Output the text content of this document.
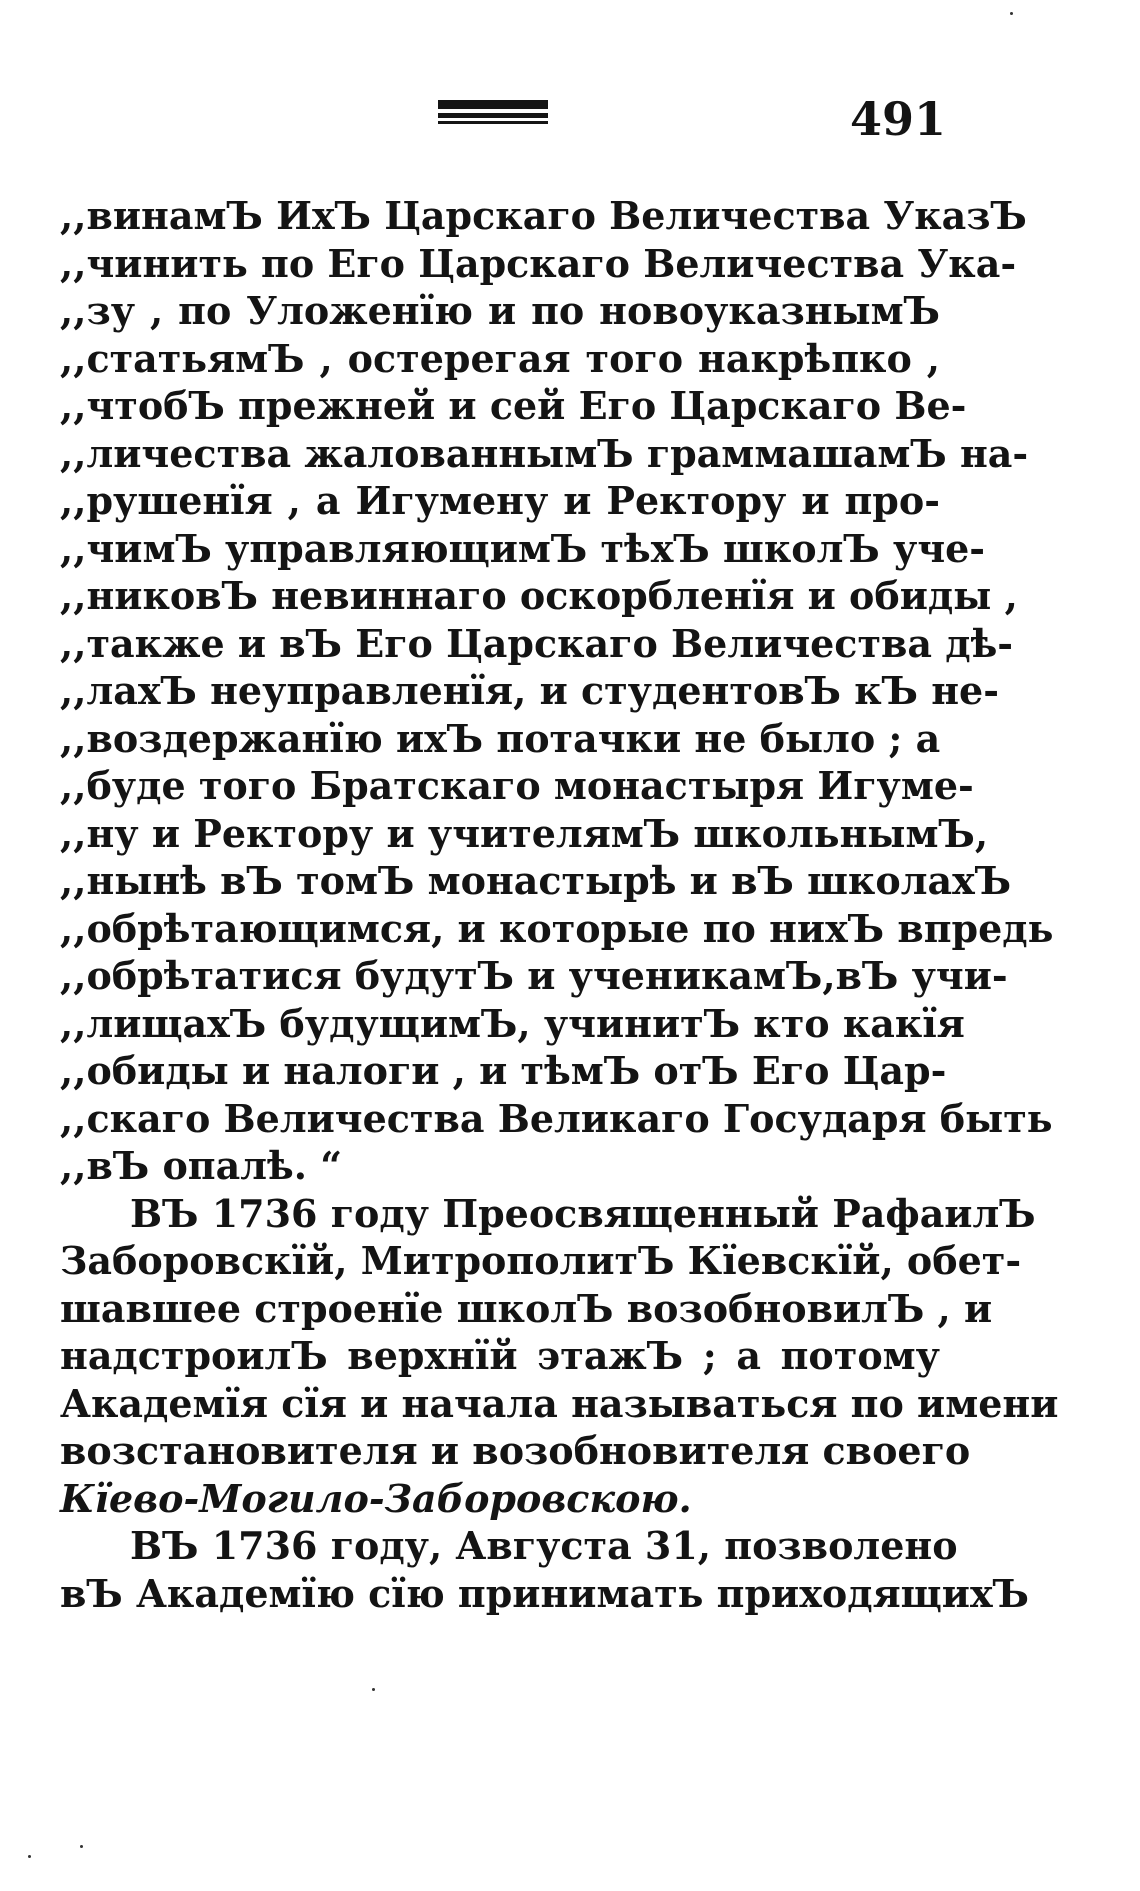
491
,,винамЪ ИхЪ Царскаго Величества УказЪ
,,чинить по Его Царскаго Величества Ука-
,,зу , по Уложенїю и по новоуказнымЪ
,,статьямЪ , остерегая того накрѣпко ,
,,чтобЪ прежней и сей Его Царскаго Ве-
,,личества жалованнымЪ граммашамЪ на-
,,рушенїя , а Игумену и Ректору и про-
,,чимЪ управляющимЪ тѣхЪ школЪ уче-
,,никовЪ невиннаго оскорбленїя и обиды ,
,,также и вЪ Его Царскаго Величества дѣ-
,,лахЪ неуправленїя, и студентовЪ кЪ не-
,,воздержанїю ихЪ потачки не было ; а
,,буде того Братскаго монастыря Игуме-
,,ну и Ректору и учителямЪ школьнымЪ,
,,нынѣ вЪ томЪ монастырѣ и вЪ школахЪ
,,обрѣтающимся, и которые по нихЪ впредь
,,обрѣтатися будутЪ и ученикамЪ,вЪ учи-
,,лищахЪ будущимЪ, учинитЪ кто какїя
,,обиды и налоги , и тѣмЪ отЪ Его Цар-
,,скаго Величества Великаго Государя быть
,,вЪ опалѣ. “
ВЪ 1736 году Преосвященный РафаилЪ
Заборовскїй, МитрополитЪ Кїевскїй, обет-
шавшее строенїе школЪ возобновилЪ , и
надстроилЪ верхнїй этажЪ ; а потому
Академїя сїя и начала называться по имени
возстановителя и возобновителя своего
Кїево-Могило-Заборовскою.
ВЪ 1736 году, Августа 31, позволено
вЪ Академїю сїю принимать приходящихЪ
